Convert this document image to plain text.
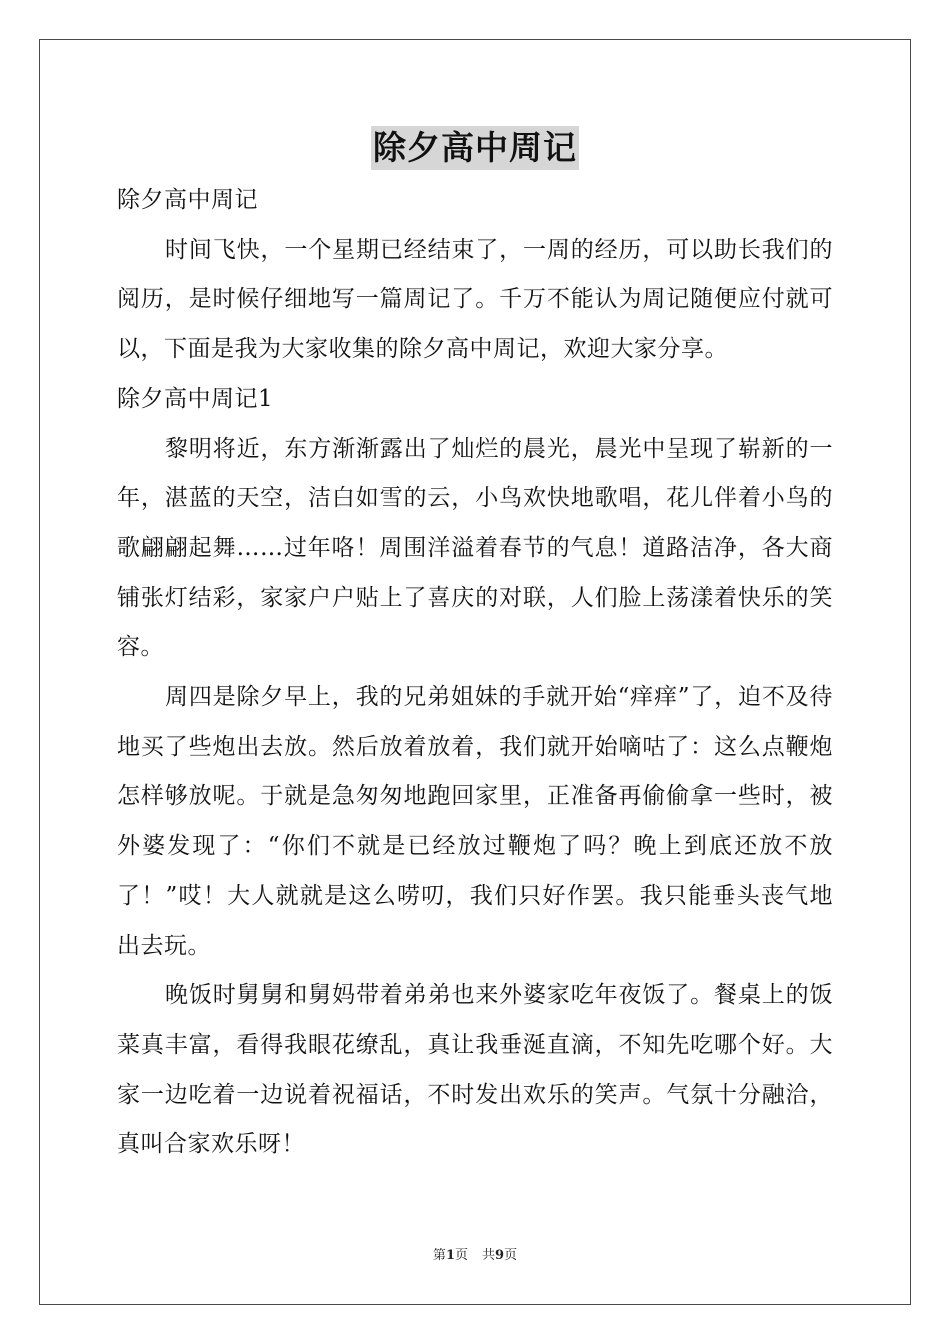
除夕高中周记

除夕高中周记

时间飞快，一个星期已经结束了，一周的经历，可以助长我们的阅历，是时候仔细地写一篇周记了。千万不能认为周记随便应付就可以，下面是我为大家收集的除夕高中周记，欢迎大家分享。

除夕高中周记1

黎明将近，东方渐渐露出了灿烂的晨光，晨光中呈现了崭新的一年，湛蓝的天空，洁白如雪的云，小鸟欢快地歌唱，花儿伴着小鸟的歌翩翩起舞……过年咯！周围洋溢着春节的气息！道路洁净，各大商铺张灯结彩，家家户户贴上了喜庆的对联，人们脸上荡漾着快乐的笑容。

周四是除夕早上，我的兄弟姐妹的手就开始“痒痒”了，迫不及待地买了些炮出去放。然后放着放着，我们就开始嘀咕了：这么点鞭炮怎样够放呢。于就是急匆匆地跑回家里，正准备再偷偷拿一些时，被外婆发现了：“你们不就是已经放过鞭炮了吗？晚上到底还放不放了！”哎！大人就就是这么唠叨，我们只好作罢。我只能垂头丧气地出去玩。

晚饭时舅舅和舅妈带着弟弟也来外婆家吃年夜饭了。餐桌上的饭菜真丰富，看得我眼花缭乱，真让我垂涎直滴，不知先吃哪个好。大家一边吃着一边说着祝福话，不时发出欢乐的笑声。气氛十分融洽，真叫合家欢乐呀！

第1页 共9页
